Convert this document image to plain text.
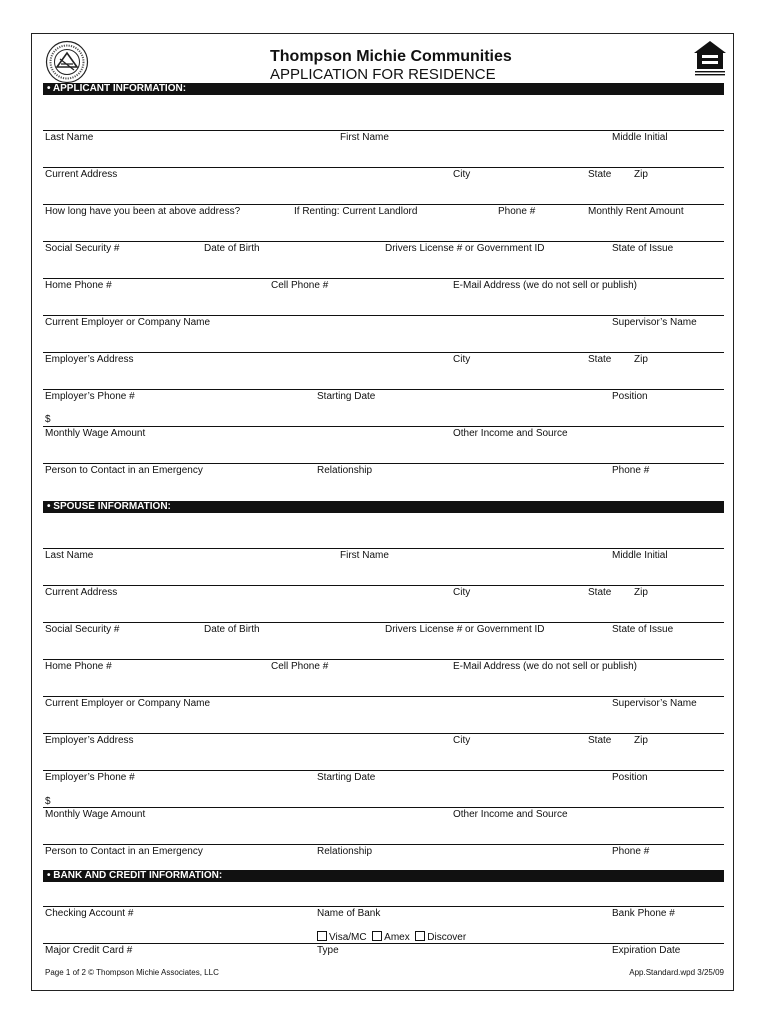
Thompson Michie Communities
APPLICATION FOR RESIDENCE
• APPLICANT INFORMATION:
Last Name	First Name	Middle Initial
Current Address	City	State Zip
How long have you been at above address?	If Renting: Current Landlord	Phone #	Monthly Rent Amount
Social Security #	Date of Birth	Drivers License # or Government ID	State of Issue
Home Phone #	Cell Phone #	E-Mail Address (we do not sell or publish)
Current Employer or Company Name	Supervisor’s Name
Employer’s Address	City	State Zip
Employer’s Phone #	Starting Date	Position
$
Monthly Wage Amount	Other Income and Source
Person to Contact in an Emergency	Relationship	Phone #
• SPOUSE INFORMATION:
Last Name	First Name	Middle Initial
Current Address	City	State Zip
Social Security #	Date of Birth	Drivers License # or Government ID	State of Issue
Home Phone #	Cell Phone #	E-Mail Address (we do not sell or publish)
Current Employer or Company Name	Supervisor’s Name
Employer’s Address	City	State Zip
Employer’s Phone #	Starting Date	Position
$
Monthly Wage Amount	Other Income and Source
Person to Contact in an Emergency	Relationship	Phone #
• BANK AND CREDIT INFORMATION:
Checking Account #	Name of Bank	Bank Phone #
Visa/MC Amex Discover
Major Credit Card #	Type	Expiration Date
Page 1 of 2 © Thompson Michie Associates, LLC	App.Standard.wpd 3/25/09
